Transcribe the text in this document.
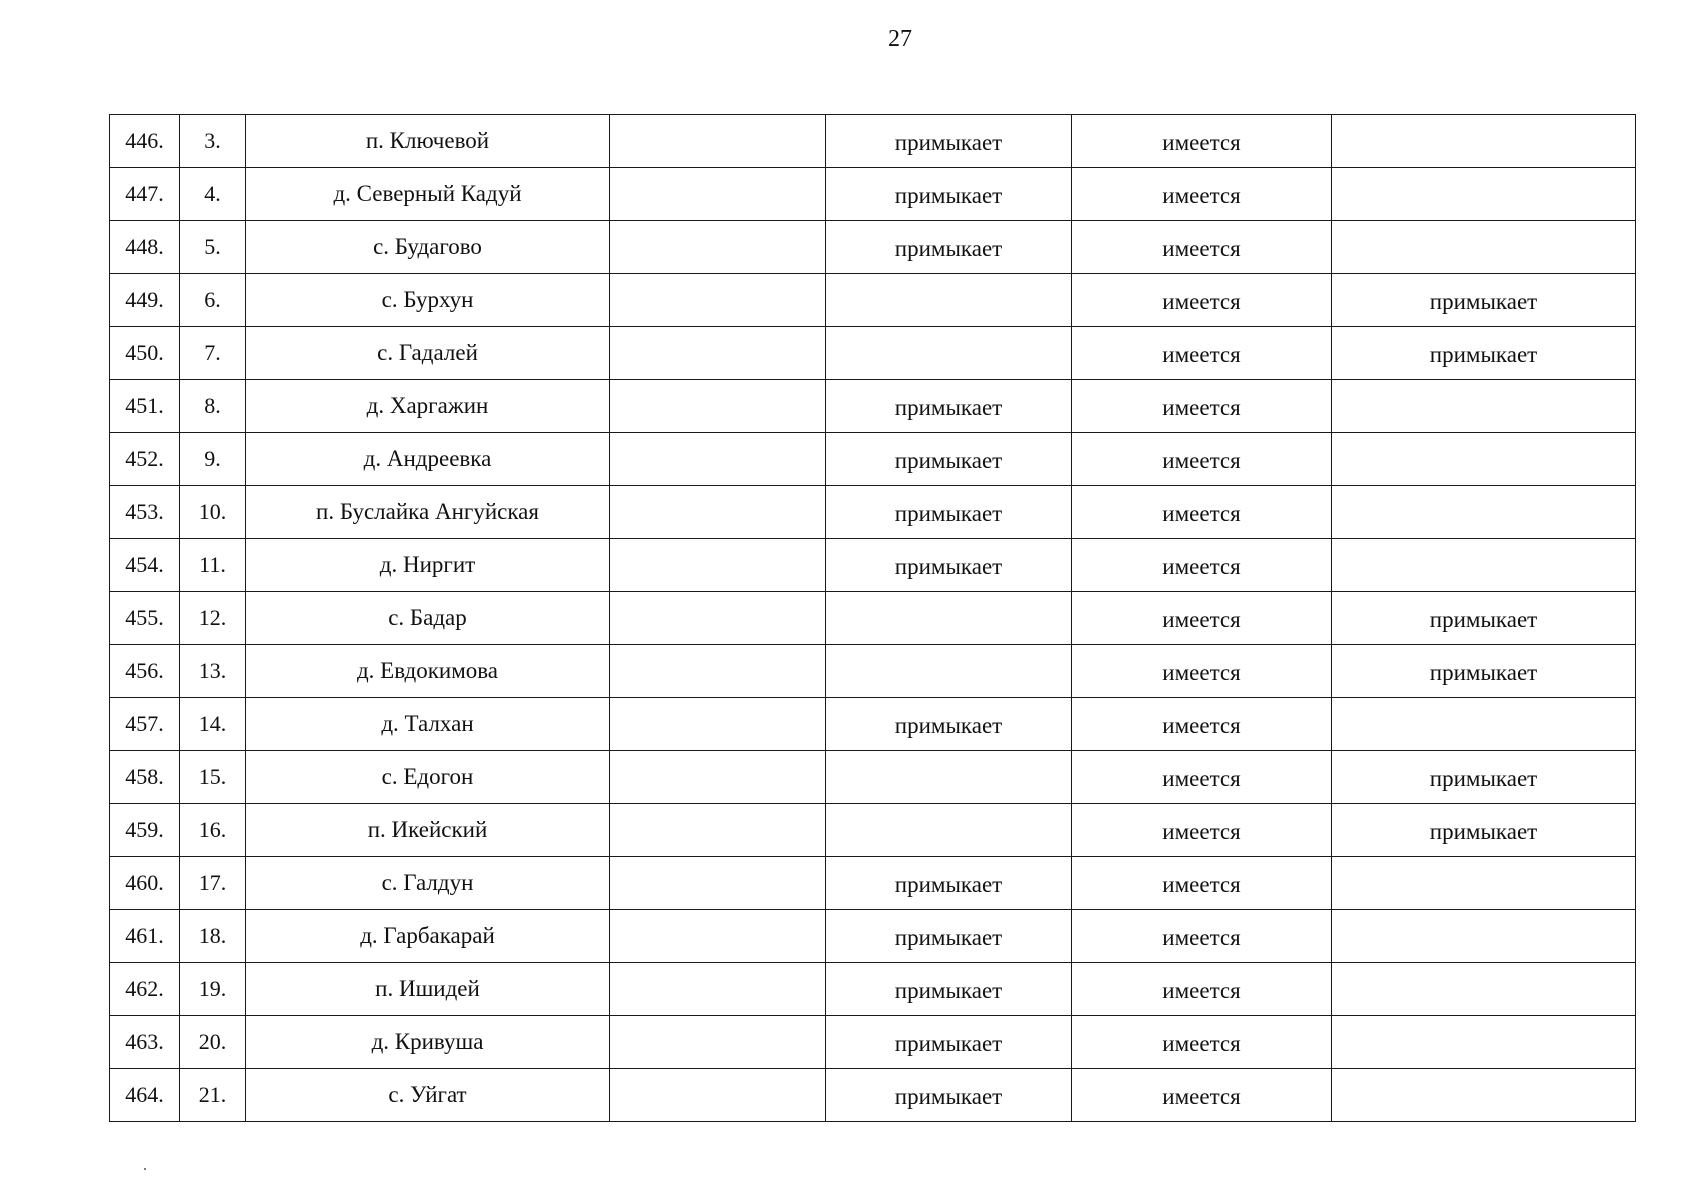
27
446.	3.	п. Ключевой		примыкает	имеется	
447.	4.	д. Северный Кадуй		примыкает	имеется	
448.	5.	с. Будагово		примыкает	имеется	
449.	6.	с. Бурхун			имеется	примыкает
450.	7.	с. Гадалей			имеется	примыкает
451.	8.	д. Харгажин		примыкает	имеется	
452.	9.	д. Андреевка		примыкает	имеется	
453.	10.	п. Буслайка Ангуйская		примыкает	имеется	
454.	11.	д. Ниргит		примыкает	имеется	
455.	12.	с. Бадар			имеется	примыкает
456.	13.	д. Евдокимова			имеется	примыкает
457.	14.	д. Талхан		примыкает	имеется	
458.	15.	с. Едогон			имеется	примыкает
459.	16.	п. Икейский			имеется	примыкает
460.	17.	с. Галдун		примыкает	имеется	
461.	18.	д. Гарбакарай		примыкает	имеется	
462.	19.	п. Ишидей		примыкает	имеется	
463.	20.	д. Кривуша		примыкает	имеется	
464.	21.	с. Уйгат		примыкает	имеется	
